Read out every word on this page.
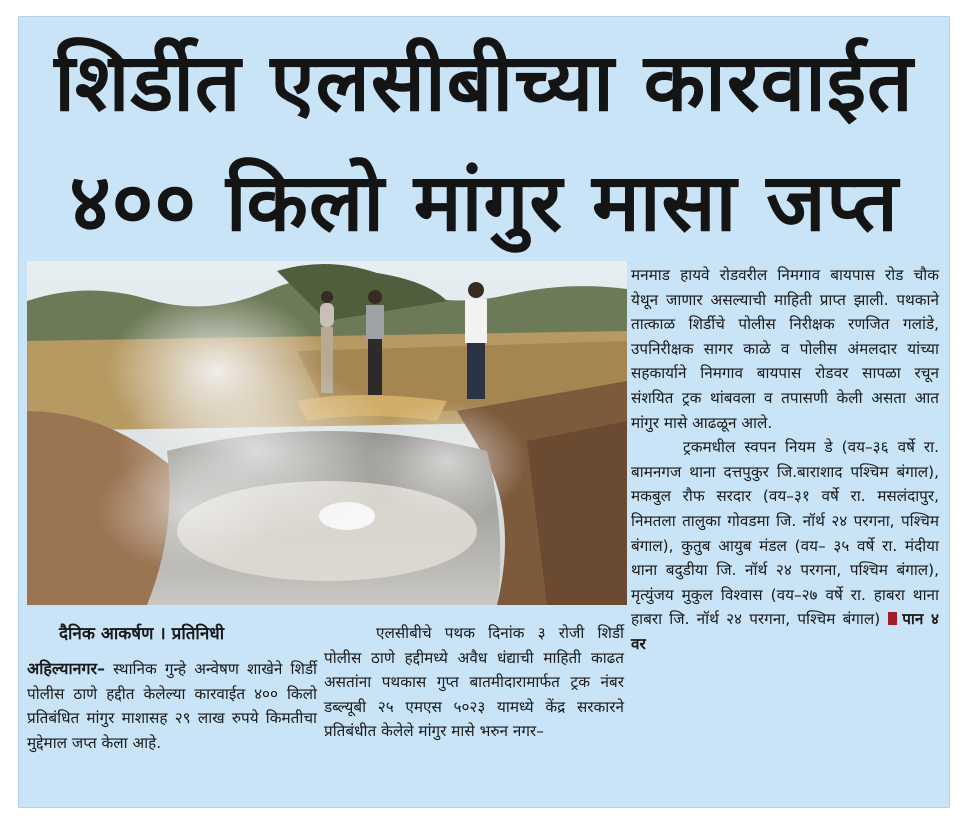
शिर्डीत एलसीबीच्या कारवाईत
४०० किलो मांगुर मासा जप्त

मनमाड हायवे रोडवरील निमगाव बायपास रोड चौक येथून जाणार असल्याची माहिती प्राप्त झाली. पथकाने तात्काळ शिर्डीचे पोलीस निरीक्षक रणजित गलांडे, उपनिरीक्षक सागर काळे व पोलीस अंमलदार यांच्या सहकार्याने निमगाव बायपास रोडवर सापळा रचून संशयित ट्रक थांबवला व तपासणी केली असता आत मांगुर मासे आढळून आले.

ट्रकमधील स्वपन नियम डे (वय–३६ वर्षे रा. बामनगज थाना दत्तपुकुर जि.बाराशाद पश्चिम बंगाल), मकबुल रौफ सरदार (वय–३१ वर्षे रा. मसलंदापुर, निमतला तालुका गोवडमा जि. नॉर्थ २४ परगना, पश्चिम बंगाल), कुतुब आयुब मंडल (वय– ३५ वर्षे रा. मंदीया थाना बदुडीया जि. नॉर्थ २४ परगना, पश्चिम बंगाल), मृत्युंजय मुकुल विश्वास (वय–२७ वर्षे रा. हाबरा थाना हाबरा जि. नॉर्थ २४ परगना, पश्चिम बंगाल) पान ४ वर

दैनिक आकर्षण । प्रतिनिधी

अहिल्यानगर– स्थानिक गुन्हे अन्वेषण शाखेने शिर्डी पोलीस ठाणे हद्दीत केलेल्या कारवाईत ४०० किलो प्रतिबंधित मांगुर माशासह २९ लाख रुपये किमतीचा मुद्देमाल जप्त केला आहे.

एलसीबीचे पथक दिनांक ३ रोजी शिर्डी पोलीस ठाणे हद्दीमध्ये अवैध धंद्याची माहिती काढत असतांना पथकास गुप्त बातमीदारामार्फत ट्रक नंबर डब्ल्यूबी २५ एमएस ५०२३ यामध्ये केंद्र सरकारने प्रतिबंधीत केलेले मांगुर मासे भरुन नगर–
